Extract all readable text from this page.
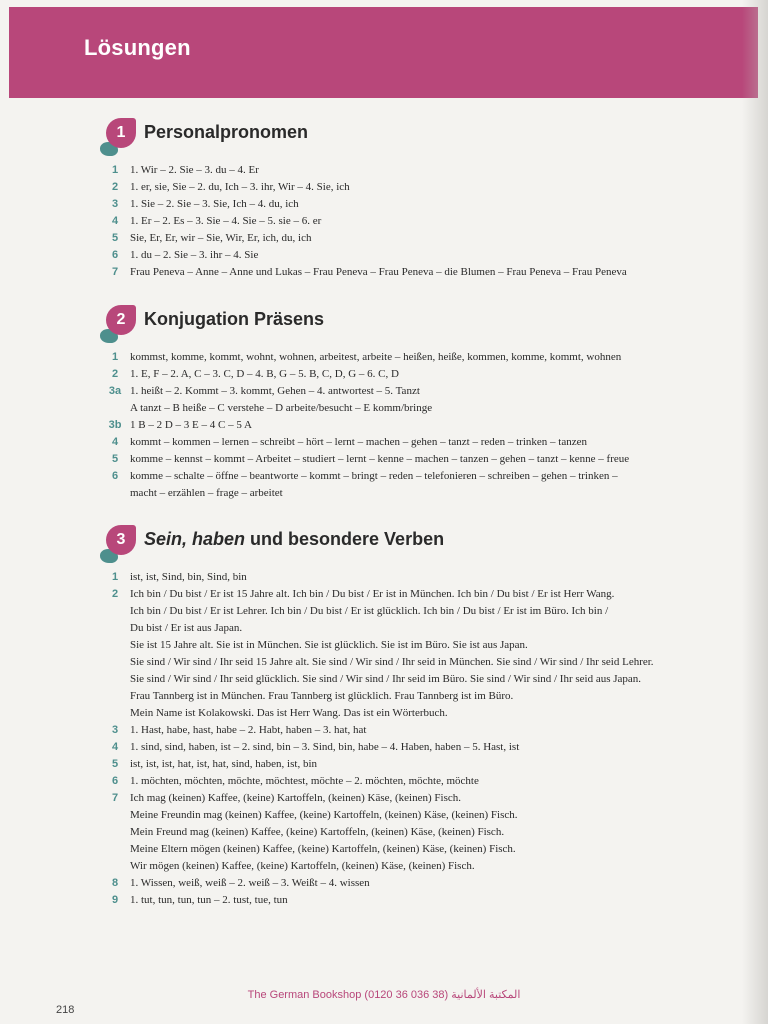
Lösungen
1	Personalpronomen
1	1. Wir – 2. Sie – 3. du – 4. Er
2	1. er, sie, Sie – 2. du, Ich – 3. ihr, Wir – 4. Sie, ich
3	1. Sie – 2. Sie – 3. Sie, Ich – 4. du, ich
4	1. Er – 2. Es – 3. Sie – 4. Sie – 5. sie – 6. er
5	Sie, Er, Er, wir – Sie, Wir, Er, ich, du, ich
6	1. du – 2. Sie – 3. ihr – 4. Sie
7	Frau Peneva – Anne – Anne und Lukas – Frau Peneva – Frau Peneva – die Blumen – Frau Peneva – Frau Peneva
2	Konjugation Präsens
1	kommst, komme, kommt, wohnt, wohnen, arbeitest, arbeite – heißen, heiße, kommen, komme, kommt, wohnen
2	1. E, F – 2. A, C – 3. C, D – 4. B, G – 5. B, C, D, G – 6. C, D
3a 1. heißt – 2. Kommt – 3. kommt, Gehen – 4. antwortest – 5. Tanzt
A tanzt – B heiße – C verstehe – D arbeite/besucht – E komm/bringe
3b 1 B – 2 D – 3 E – 4 C – 5 A
4	kommt – kommen – lernen – schreibt – hört – lernt – machen – gehen – tanzt – reden – trinken – tanzen
5	komme – kennst – kommt – Arbeitet – studiert – lernt – kenne – machen – tanzen – gehen – tanzt – kenne – freue
6	komme – schalte – öffne – beantworte – kommt – bringt – reden – telefonieren – schreiben – gehen – trinken –
macht – erzählen – frage – arbeitet
3	Sein, haben und besondere Verben
1	ist, ist, Sind, bin, Sind, bin
2	Ich bin / Du bist / Er ist 15 Jahre alt. Ich bin / Du bist / Er ist in München. Ich bin / Du bist / Er ist Herr Wang.
Ich bin / Du bist / Er ist Lehrer. Ich bin / Du bist / Er ist glücklich. Ich bin / Du bist / Er ist im Büro. Ich bin /
Du bist / Er ist aus Japan.
Sie ist 15 Jahre alt. Sie ist in München. Sie ist glücklich. Sie ist im Büro. Sie ist aus Japan.
Sie sind / Wir sind / Ihr seid 15 Jahre alt. Sie sind / Wir sind / Ihr seid in München. Sie sind / Wir sind / Ihr seid Lehrer.
Sie sind / Wir sind / Ihr seid glücklich. Sie sind / Wir sind / Ihr seid im Büro. Sie sind / Wir sind / Ihr seid aus Japan.
Frau Tannberg ist in München. Frau Tannberg ist glücklich. Frau Tannberg ist im Büro.
Mein Name ist Kolakowski. Das ist Herr Wang. Das ist ein Wörterbuch.
3	1. Hast, habe, hast, habe – 2. Habt, haben – 3. hat, hat
4	1. sind, sind, haben, ist – 2. sind, bin – 3. Sind, bin, habe – 4. Haben, haben – 5. Hast, ist
5	ist, ist, ist, hat, ist, hat, sind, haben, ist, bin
6	1. möchten, möchten, möchte, möchtest, möchte – 2. möchten, möchte, möchte
7	Ich mag (keinen) Kaffee, (keine) Kartoffeln, (keinen) Käse, (keinen) Fisch.
Meine Freundin mag (keinen) Kaffee, (keine) Kartoffeln, (keinen) Käse, (keinen) Fisch.
Mein Freund mag (keinen) Kaffee, (keine) Kartoffeln, (keinen) Käse, (keinen) Fisch.
Meine Eltern mögen (keinen) Kaffee, (keine) Kartoffeln, (keinen) Käse, (keinen) Fisch.
Wir mögen (keinen) Kaffee, (keine) Kartoffeln, (keinen) Käse, (keinen) Fisch.
8	1. Wissen, weiß, weiß – 2. weiß – 3. Weißt – 4. wissen
9	1. tut, tun, tun, tun – 2. tust, tue, tun
The German Bookshop (0120 36 036 38) المكتبة الألمانية
218
